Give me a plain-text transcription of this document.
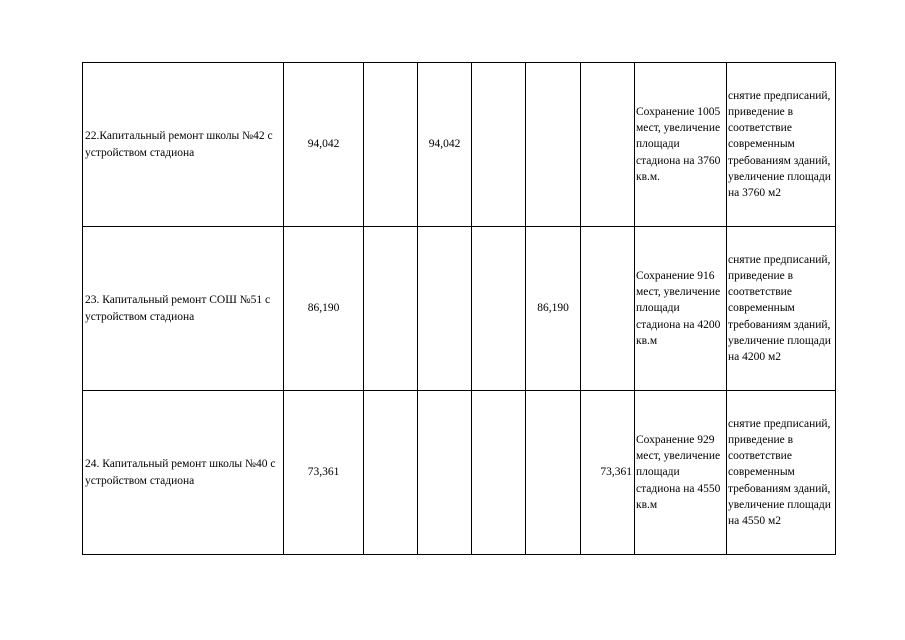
22.Капитальный ремонт школы №42 с устройством стадиона	94,042		94,042				Сохранение 1005 мест, увеличение площади стадиона на 3760 кв.м.	снятие предписаний, приведение в соответствие современным требованиям зданий, увеличение площади на 3760 м2
23. Капитальный ремонт СОШ №51 с устройством стадиона	86,190				86,190		Сохранение 916 мест, увеличение площади стадиона на 4200 кв.м	снятие предписаний, приведение в соответствие современным требованиям зданий, увеличение площади на 4200 м2
24. Капитальный ремонт школы №40 с устройством стадиона	73,361					73,361	Сохранение 929 мест, увеличение площади стадиона на 4550 кв.м	снятие предписаний, приведение в соответствие современным требованиям зданий, увеличение площади на 4550 м2
